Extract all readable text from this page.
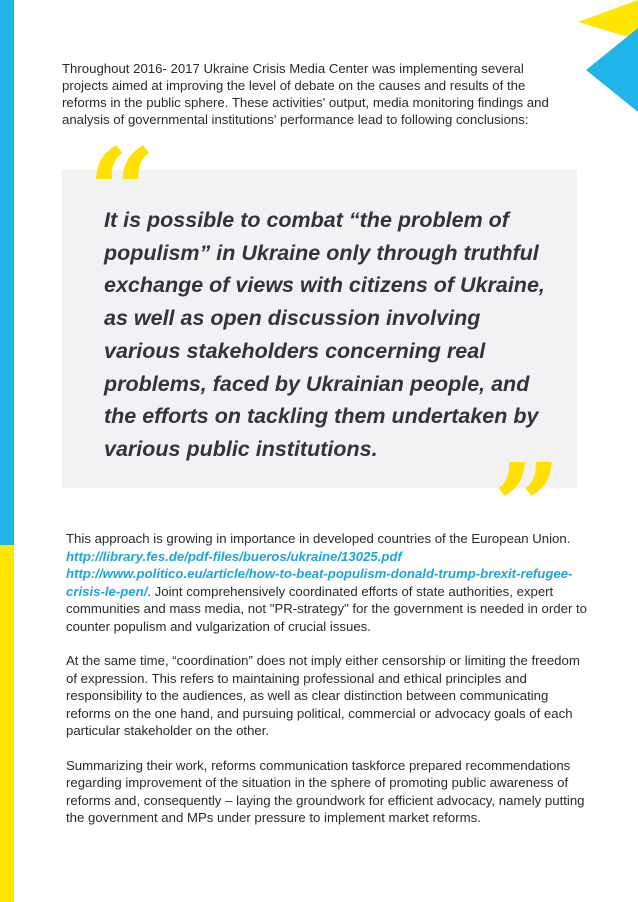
Throughout 2016- 2017 Ukraine Crisis Media Center was implementing several projects aimed at improving the level of debate on the causes and results of the reforms in the public sphere. These activities' output, media monitoring findings and analysis of governmental institutions' performance lead to following conclusions:

“

It is possible to combat “the problem of populism” in Ukraine only through truthful exchange of views with citizens of Ukraine, as well as open discussion involving various stakeholders concerning real problems, faced by Ukrainian people, and the efforts on tackling them undertaken by various public institutions. ”

This approach is growing in importance in developed countries of the European Union.
http://library.fes.de/pdf-files/bueros/ukraine/13025.pdf
http://www.politico.eu/article/how-to-beat-populism-donald-trump-brexit-refugee-crisis-le-pen/. Joint comprehensively coordinated efforts of state authorities, expert communities and mass media, not "PR-strategy" for the government is needed in order to counter populism and vulgarization of crucial issues.

At the same time, “coordination” does not imply either censorship or limiting the freedom of expression. This refers to maintaining professional and ethical principles and responsibility to the audiences, as well as clear distinction between communicating reforms on the one hand, and pursuing political, commercial or advocacy goals of each particular stakeholder on the other.

Summarizing their work, reforms communication taskforce prepared recommendations regarding improvement of the situation in the sphere of promoting public awareness of reforms and, consequently – laying the groundwork for efficient advocacy, namely putting the government and MPs under pressure to implement market reforms.
